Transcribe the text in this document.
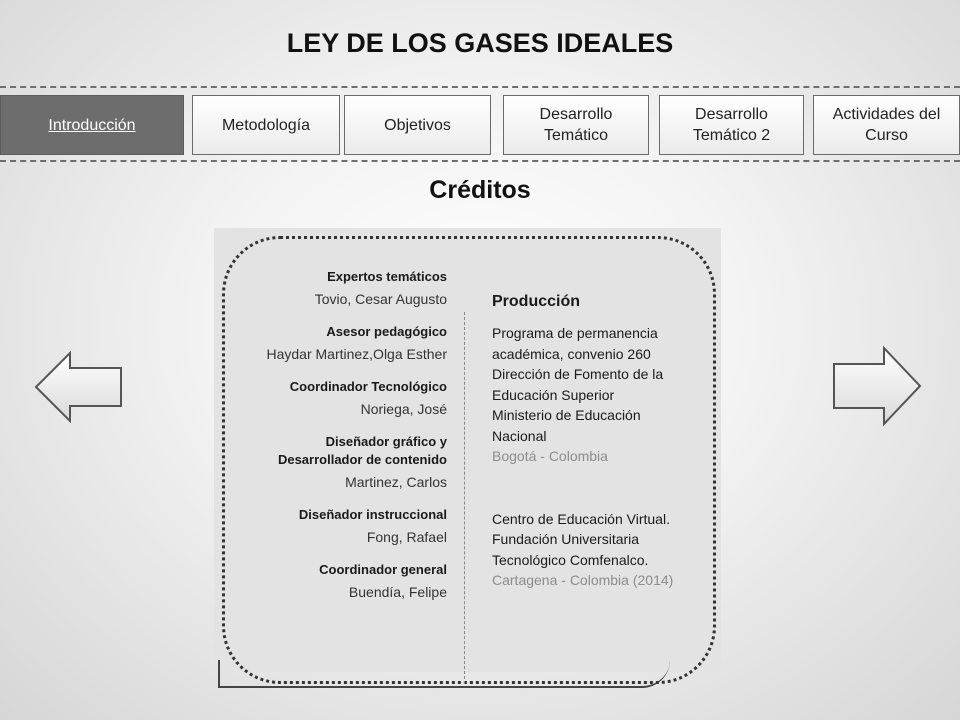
LEY DE LOS GASES IDEALES
Introducción	Metodología	Objetivos
Desarrollo
Temático
Desarrollo
Temático 2
Actividades del
Curso
Créditos
Expertos temáticos
Tovio, Cesar Augusto
Asesor pedagógico
Haydar Martinez,Olga Esther
Coordinador Tecnológico
Noriega, José
Diseñador gráfico y Desarrollador de contenido
Martinez, Carlos
Diseñador instruccional
Fong, Rafael
Coordinador general
Buendía, Felipe
Producción
Programa de permanencia académica, convenio 260
Dirección de Fomento de la Educación Superior
Ministerio de Educación Nacional
Bogotá - Colombia
Centro de Educación Virtual.
Fundación Universitaria Tecnológico Comfenalco.
Cartagena - Colombia (2014)
